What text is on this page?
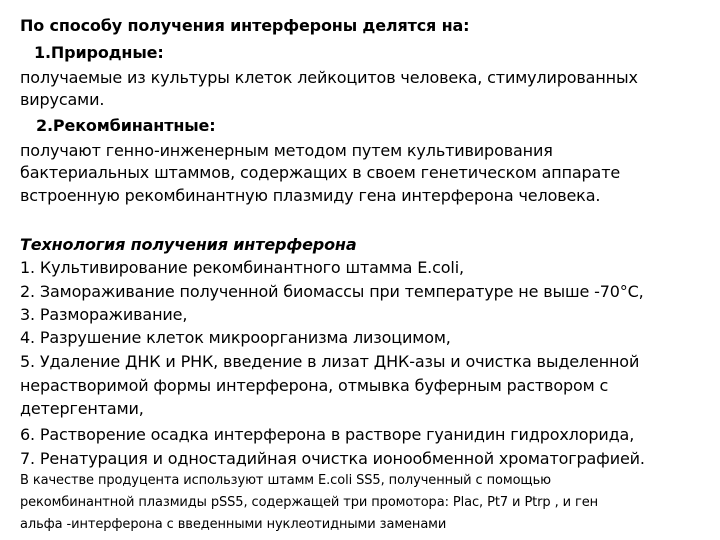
По способу получения интерфероны делятся на:
1.Природные:
получаемые из культуры клеток лейкоцитов человека, стимулированных
вирусами.
2.Рекомбинантные:
получают генно-инженерным методом путем культивирования
бактериальных штаммов, содержащих в своем генетическом аппарате
встроенную рекомбинантную плазмиду гена интерферона человека.
Технология получения интерферона
1. Культивирование рекомбинантного штамма E.coli,
2. Замораживание полученной биомассы при температуре не выше -70°C,
3. Размораживание,
4. Разрушение клеток микроорганизма лизоцимом,
5. Удаление ДНК и РНК, введение в лизат ДНК-азы и очистка выделенной
нерастворимой формы интерферона, отмывка буферным раствором с
детергентами,
6. Растворение осадка интерферона в растворе гуанидин гидрохлорида,
7. Ренатурация и одностадийная очистка ионообменной хроматографией.
В качестве продуцента используют штамм E.coli SS5, полученный с помощью
рекомбинантной плазмиды pSS5, содержащей три промотора: Plac, Pt7 и Ptrp , и ген
альфа -интерферона с введенными нуклеотидными заменами
